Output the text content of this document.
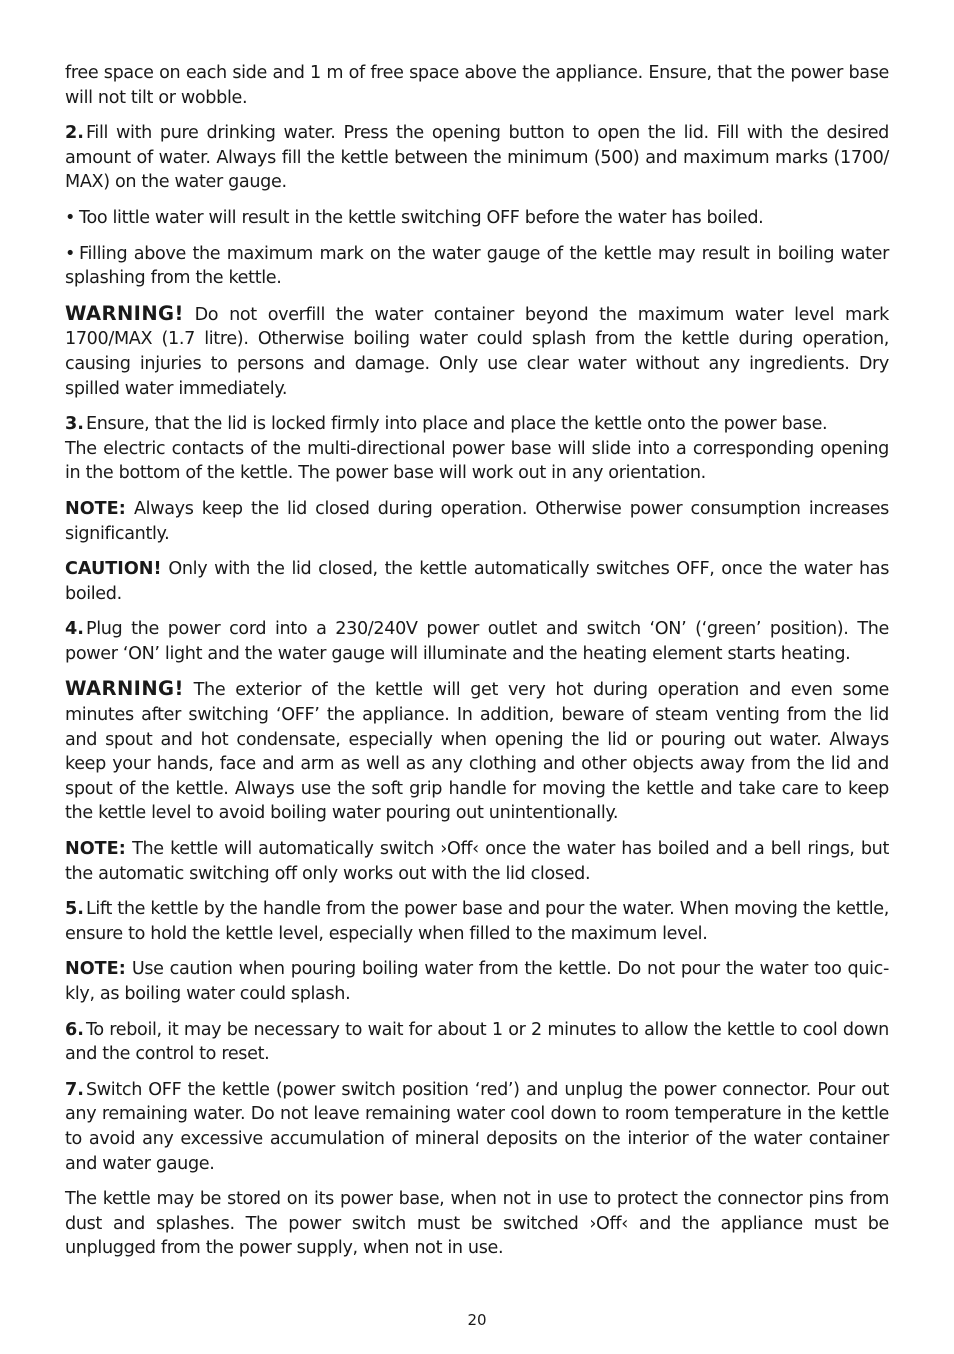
free space on each side and 1 m of free space above the appliance. Ensure, that the power base will not tilt or wobble.

2. Fill with pure drinking water. Press the opening button to open the lid. Fill with the desired amount of water. Always fill the kettle between the minimum (500) and maximum marks (1700/ MAX) on the water gauge.

• Too little water will result in the kettle switching OFF before the water has boiled.

• Filling above the maximum mark on the water gauge of the kettle may result in boiling water splashing from the kettle.

WARNING! Do not overfill the water container beyond the maximum water level mark 1700/MAX (1.7 litre). Otherwise boiling water could splash from the kettle during operation, causing injuries to persons and damage. Only use clear water without any ingredients. Dry spilled water immediately.

3. Ensure, that the lid is locked firmly into place and place the kettle onto the power base.

The electric contacts of the multi-directional power base will slide into a corresponding opening in the bottom of the kettle. The power base will work out in any orientation.

NOTE: Always keep the lid closed during operation. Otherwise power consumption increases significantly.

CAUTION! Only with the lid closed, the kettle automatically switches OFF, once the water has boiled.

4. Plug the power cord into a 230/240V power outlet and switch ‘ON’ (‘green’ position). The power ‘ON’ light and the water gauge will illuminate and the heating element starts heating.

WARNING! The exterior of the kettle will get very hot during operation and even some minutes after switching ‘OFF’ the appliance. In addition, beware of steam venting from the lid and spout and hot condensate, especially when opening the lid or pouring out water. Always keep your hands, face and arm as well as any clothing and other objects away from the lid and spout of the kettle. Always use the soft grip handle for moving the kettle and take care to keep the kettle level to avoid boiling water pouring out unintentionally.

NOTE: The kettle will automatically switch ›Off‹ once the water has boiled and a bell rings, but the automatic switching off only works out with the lid closed.

5. Lift the kettle by the handle from the power base and pour the water. When moving the kettle, ensure to hold the kettle level, especially when filled to the maximum level.

NOTE: Use caution when pouring boiling water from the kettle. Do not pour the water too quic- kly, as boiling water could splash.

6. To reboil, it may be necessary to wait for about 1 or 2 minutes to allow the kettle to cool down and the control to reset.

7. Switch OFF the kettle (power switch position ‘red’) and unplug the power connector. Pour out any remaining water. Do not leave remaining water cool down to room temperature in the kettle to avoid any excessive accumulation of mineral deposits on the interior of the water container and water gauge.

The kettle may be stored on its power base, when not in use to protect the connector pins from dust and splashes. The power switch must be switched ›Off‹ and the appliance must be unplugged from the power supply, when not in use.

20
